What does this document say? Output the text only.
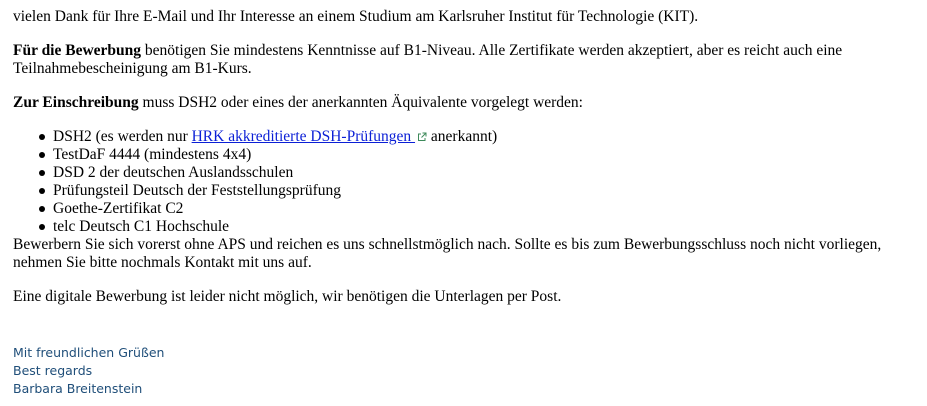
vielen Dank für Ihre E-Mail und Ihr Interesse an einem Studium am Karlsruher Institut für Technologie (KIT).

Für die Bewerbung benötigen Sie mindestens Kenntnisse auf B1-Niveau. Alle Zertifikate werden akzeptiert, aber es reicht auch eine Teilnahmebescheinigung am B1-Kurs.

Zur Einschreibung muss DSH2 oder eines der anerkannten Äquivalente vorgelegt werden:

DSH2 (es werden nur HRK akkreditierte DSH-Prüfungen  anerkannt)
TestDaF 4444 (mindestens 4x4)
DSD 2 der deutschen Auslandsschulen
Prüfungsteil Deutsch der Feststellungsprüfung
Goethe-Zertifikat C2
telc Deutsch C1 Hochschule

Bewerbern Sie sich vorerst ohne APS und reichen es uns schnellstmöglich nach. Sollte es bis zum Bewerbungsschluss noch nicht vorliegen, nehmen Sie bitte nochmals Kontakt mit uns auf.

Eine digitale Bewerbung ist leider nicht möglich, wir benötigen die Unterlagen per Post.

Mit freundlichen Grüßen
Best regards
Barbara Breitenstein
